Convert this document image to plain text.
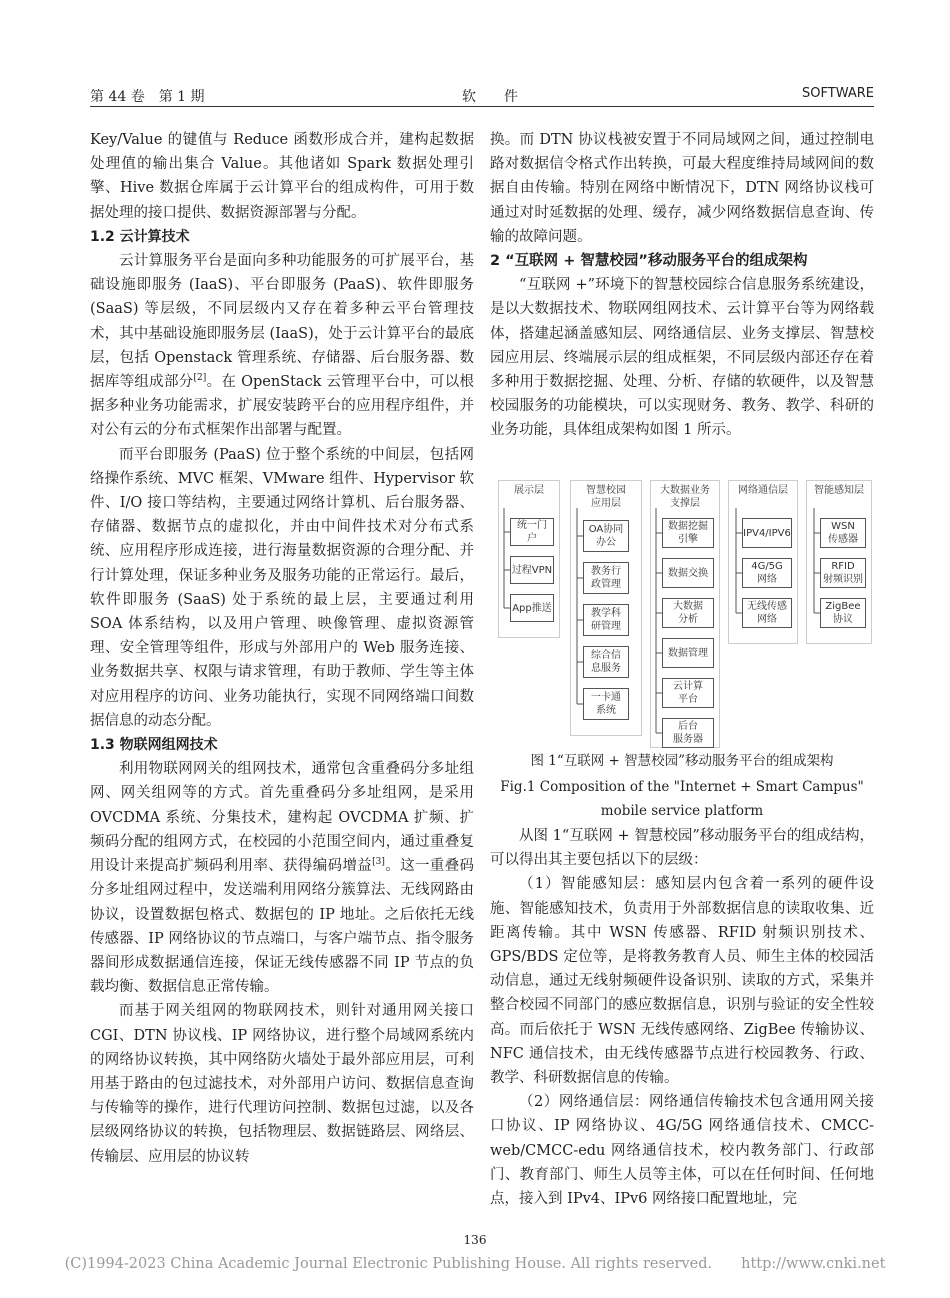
第 44 卷　第 1 期	软　　件	SOFTWARE

Key/Value 的键值与 Reduce 函数形成合并，建构起数据处理值的输出集合 Value。其他诸如 Spark 数据处理引擎、Hive 数据仓库属于云计算平台的组成构件，可用于数据处理的接口提供、数据资源部署与分配。

1.2 云计算技术

云计算服务平台是面向多种功能服务的可扩展平台，基础设施即服务 (IaaS)、平台即服务 (PaaS)、软件即服务 (SaaS) 等层级，不同层级内又存在着多种云平台管理技术，其中基础设施即服务层 (IaaS)，处于云计算平台的最底层，包括 Openstack 管理系统、存储器、后台服务器、数据库等组成部分[2]。在 OpenStack 云管理平台中，可以根据多种业务功能需求，扩展安装跨平台的应用程序组件，并对公有云的分布式框架作出部署与配置。

而平台即服务 (PaaS) 位于整个系统的中间层，包括网络操作系统、MVC 框架、VMware 组件、Hypervisor 软件、I/O 接口等结构，主要通过网络计算机、后台服务器、存储器、数据节点的虚拟化，并由中间件技术对分布式系统、应用程序形成连接，进行海量数据资源的合理分配、并行计算处理，保证多种业务及服务功能的正常运行。最后，软件即服务 (SaaS) 处于系统的最上层，主要通过利用 SOA 体系结构，以及用户管理、映像管理、虚拟资源管理、安全管理等组件，形成与外部用户的 Web 服务连接、业务数据共享、权限与请求管理，有助于教师、学生等主体对应用程序的访问、业务功能执行，实现不同网络端口间数据信息的动态分配。

1.3 物联网组网技术

利用物联网网关的组网技术，通常包含重叠码分多址组网、网关组网等的方式。首先重叠码分多址组网，是采用 OVCDMA 系统、分集技术，建构起 OVCDMA 扩频、扩频码分配的组网方式，在校园的小范围空间内，通过重叠复用设计来提高扩频码利用率、获得编码增益[3]。这一重叠码分多址组网过程中，发送端利用网络分簇算法、无线网路由协议，设置数据包格式、数据包的 IP 地址。之后依托无线传感器、IP 网络协议的节点端口，与客户端节点、指令服务器间形成数据通信连接，保证无线传感器不同 IP 节点的负载均衡、数据信息正常传输。

而基于网关组网的物联网技术，则针对通用网关接口 CGI、DTN 协议栈、IP 网络协议，进行整个局域网系统内的网络协议转换，其中网络防火墙处于最外部应用层，可利用基于路由的包过滤技术，对外部用户访问、数据信息查询与传输等的操作，进行代理访问控制、数据包过滤，以及各层级网络协议的转换，包括物理层、数据链路层、网络层、传输层、应用层的协议转

换。而 DTN 协议栈被安置于不同局域网之间，通过控制电路对数据信令格式作出转换，可最大程度维持局域网间的数据自由传输。特别在网络中断情况下，DTN 网络协议栈可通过对时延数据的处理、缓存，减少网络数据信息查询、传输的故障问题。

2 “互联网 + 智慧校园”移动服务平台的组成架构

“互联网 +”环境下的智慧校园综合信息服务系统建设，是以大数据技术、物联网组网技术、云计算平台等为网络载体，搭建起涵盖感知层、网络通信层、业务支撑层、智慧校园应用层、终端展示层的组成框架，不同层级内部还存在着多种用于数据挖掘、处理、分析、存储的软硬件，以及智慧校园服务的功能模块，可以实现财务、教务、教学、科研的业务功能，具体组成架构如图 1 所示。

展示层
统一门
户
过程VPN
App推送
智慧校园
应用层
OA协同
办公
教务行
政管理
教学科
研管理
综合信
息服务
一卡通
系统
大数据业务
支撑层
数据挖掘
引擎
数据交换
大数据
分析
数据管理
云计算
平台
后台
服务器
网络通信层
IPV4/IPV6
4G/5G
网络
无线传感
网络
智能感知层
WSN
传感器
RFID
射频识别
ZigBee
协议
图 1“互联网 + 智慧校园”移动服务平台的组成架构
Fig.1 Composition of the "Internet + Smart Campus"
mobile service platform

从图 1“互联网 + 智慧校园”移动服务平台的组成结构，可以得出其主要包括以下的层级：

（1）智能感知层：感知层内包含着一系列的硬件设施、智能感知技术，负责用于外部数据信息的读取收集、近距离传输。其中 WSN 传感器、RFID 射频识别技术、GPS/BDS 定位等，是将教务教育人员、师生主体的校园活动信息，通过无线射频硬件设备识别、读取的方式，采集并整合校园不同部门的感应数据信息，识别与验证的安全性较高。而后依托于 WSN 无线传感网络、ZigBee 传输协议、NFC 通信技术，由无线传感器节点进行校园教务、行政、教学、科研数据信息的传输。

（2）网络通信层：网络通信传输技术包含通用网关接口协议、IP 网络协议、4G/5G 网络通信技术、CMCC-web/CMCC-edu 网络通信技术，校内教务部门、行政部门、教育部门、师生人员等主体，可以在任何时间、任何地点，接入到 IPv4、IPv6 网络接口配置地址，完

136
(C)1994-2023 China Academic Journal Electronic Publishing House. All rights reserved.　　http://www.cnki.net
